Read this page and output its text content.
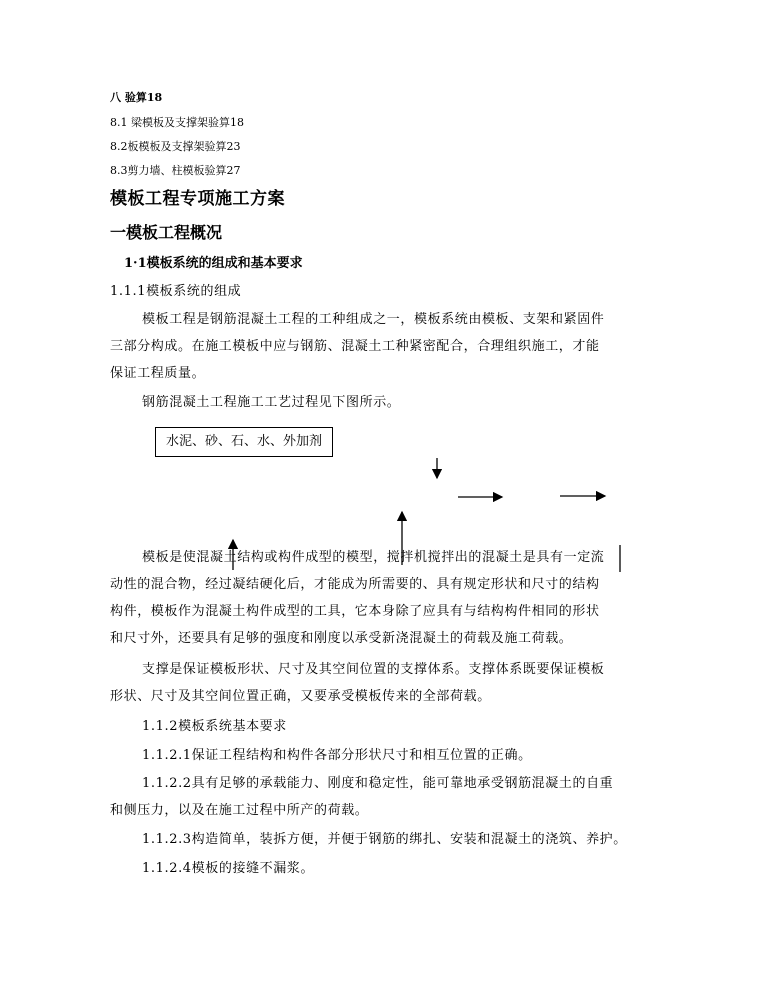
八 验算18
8.1 梁模板及支撑架验算18
8.2板模板及支撑架验算23
8.3剪力墙、柱模板验算27
模板工程专项施工方案
一模板工程概况
1·1模板系统的组成和基本要求
1.1.1模板系统的组成
模板工程是钢筋混凝土工程的工种组成之一，模板系统由模板、支架和紧固件
三部分构成。在施工模板中应与钢筋、混凝土工种紧密配合，合理组织施工，才能
保证工程质量。
钢筋混凝土工程施工工艺过程见下图所示。
水泥、砂、石、水、外加剂
模板是使混凝土结构或构件成型的模型，搅拌机搅拌出的混凝土是具有一定流
动性的混合物，经过凝结硬化后，才能成为所需要的、具有规定形状和尺寸的结构
构件，模板作为混凝土构件成型的工具，它本身除了应具有与结构构件相同的形状
和尺寸外，还要具有足够的强度和刚度以承受新浇混凝土的荷载及施工荷载。
支撑是保证模板形状、尺寸及其空间位置的支撑体系。支撑体系既要保证模板
形状、尺寸及其空间位置正确，又要承受模板传来的全部荷载。
1.1.2模板系统基本要求
1.1.2.1保证工程结构和构件各部分形状尺寸和相互位置的正确。
1.1.2.2具有足够的承载能力、刚度和稳定性，能可靠地承受钢筋混凝土的自重
和侧压力，以及在施工过程中所产的荷载。
1.1.2.3构造简单，装拆方便，并便于钢筋的绑扎、安装和混凝土的浇筑、养护。
1.1.2.4模板的接缝不漏浆。
